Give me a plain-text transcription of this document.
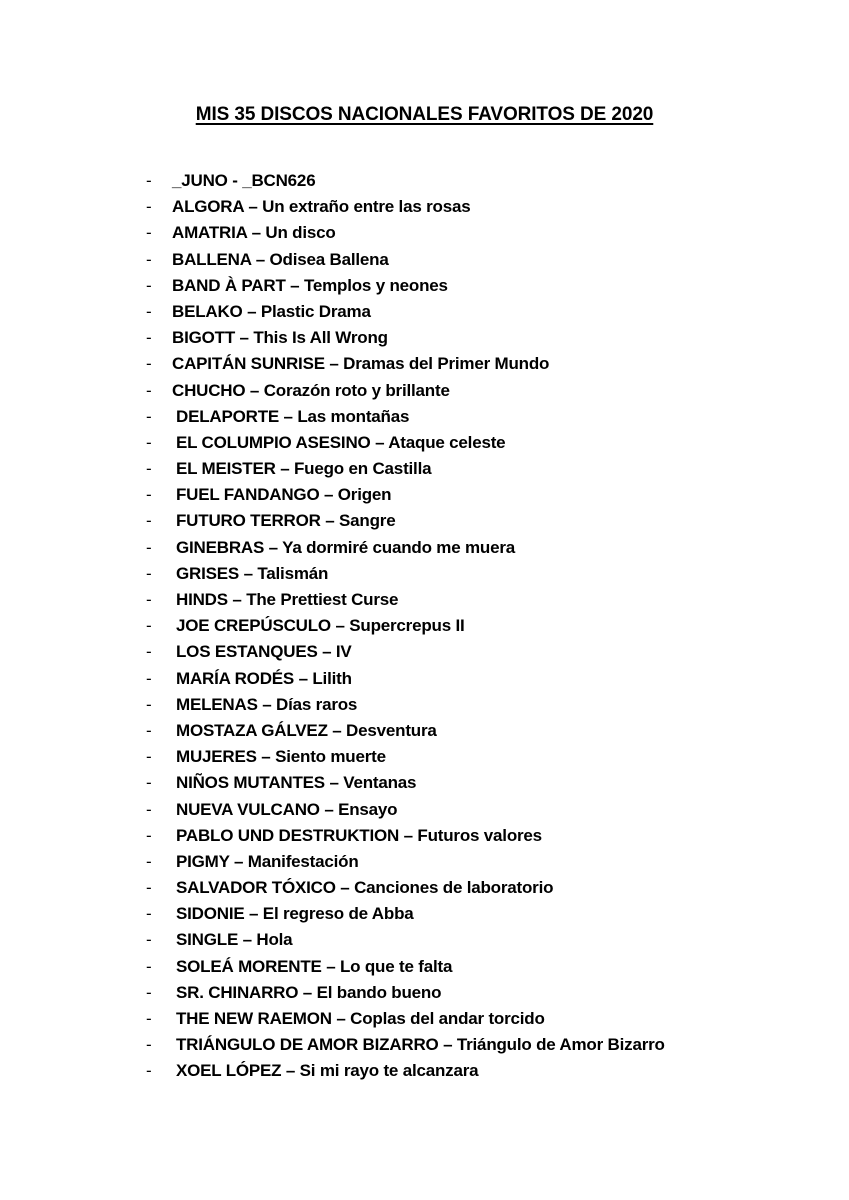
MIS 35 DISCOS NACIONALES FAVORITOS DE 2020
-	_JUNO - _BCN626
-	ALGORA – Un extraño entre las rosas
-	AMATRIA – Un disco
-	BALLENA – Odisea Ballena
-	BAND À PART – Templos y neones
-	BELAKO – Plastic Drama
-	BIGOTT – This Is All Wrong
-	CAPITÁN SUNRISE – Dramas del Primer Mundo
-	CHUCHO – Corazón roto y brillante
-	DELAPORTE – Las montañas
-	EL COLUMPIO ASESINO – Ataque celeste
-	EL MEISTER – Fuego en Castilla
-	FUEL FANDANGO – Origen
-	FUTURO TERROR – Sangre
-	GINEBRAS – Ya dormiré cuando me muera
-	GRISES – Talismán
-	HINDS – The Prettiest Curse
-	JOE CREPÚSCULO – Supercrepus II
-	LOS ESTANQUES – IV
-	MARÍA RODÉS – Lilith
-	MELENAS – Días raros
-	MOSTAZA GÁLVEZ – Desventura
-	MUJERES – Siento muerte
-	NIÑOS MUTANTES – Ventanas
-	NUEVA VULCANO – Ensayo
-	PABLO UND DESTRUKTION – Futuros valores
-	PIGMY – Manifestación
-	SALVADOR TÓXICO – Canciones de laboratorio
-	SIDONIE – El regreso de Abba
-	SINGLE – Hola
-	SOLEÁ MORENTE – Lo que te falta
-	SR. CHINARRO – El bando bueno
-	THE NEW RAEMON – Coplas del andar torcido
-	TRIÁNGULO DE AMOR BIZARRO – Triángulo de Amor Bizarro
-	XOEL LÓPEZ – Si mi rayo te alcanzara
